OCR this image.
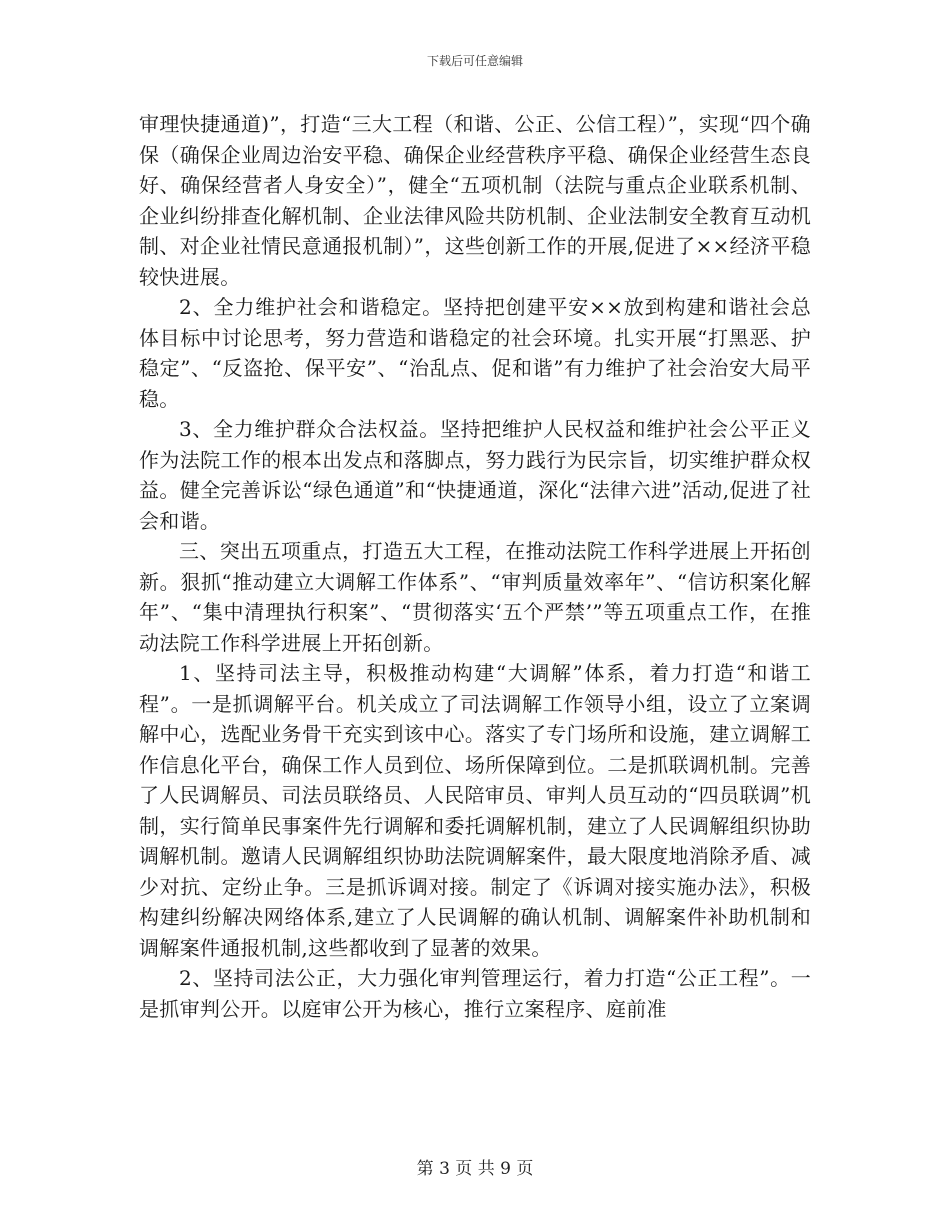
下载后可任意编辑

审理快捷通道)”，打造“三大工程（和谐、公正、公信工程）”，实现“四个确保（确保企业周边治安平稳、确保企业经营秩序平稳、确保企业经营生态良好、确保经营者人身安全）”，健全“五项机制（法院与重点企业联系机制、企业纠纷排查化解机制、企业法律风险共防机制、企业法制安全教育互动机制、对企业社情民意通报机制）”，这些创新工作的开展,促进了××经济平稳较快进展。

2、全力维护社会和谐稳定。坚持把创建平安××放到构建和谐社会总体目标中讨论思考，努力营造和谐稳定的社会环境。扎实开展“打黑恶、护稳定”、“反盗抢、保平安”、“治乱点、促和谐”有力维护了社会治安大局平稳。

3、全力维护群众合法权益。坚持把维护人民权益和维护社会公平正义作为法院工作的根本出发点和落脚点，努力践行为民宗旨，切实维护群众权益。健全完善诉讼“绿色通道”和“快捷通道，深化“法律六进”活动,促进了社会和谐。

三、突出五项重点，打造五大工程，在推动法院工作科学进展上开拓创新。狠抓“推动建立大调解工作体系”、“审判质量效率年”、“信访积案化解年”、“集中清理执行积案”、“贯彻落实‘五个严禁’”等五项重点工作，在推动法院工作科学进展上开拓创新。

1、坚持司法主导，积极推动构建“大调解”体系，着力打造“和谐工程”。一是抓调解平台。机关成立了司法调解工作领导小组，设立了立案调解中心，选配业务骨干充实到该中心。落实了专门场所和设施，建立调解工作信息化平台，确保工作人员到位、场所保障到位。二是抓联调机制。完善了人民调解员、司法员联络员、人民陪审员、审判人员互动的“四员联调”机制，实行简单民事案件先行调解和委托调解机制，建立了人民调解组织协助调解机制。邀请人民调解组织协助法院调解案件，最大限度地消除矛盾、减少对抗、定纷止争。三是抓诉调对接。制定了《诉调对接实施办法》，积极构建纠纷解决网络体系,建立了人民调解的确认机制、调解案件补助机制和调解案件通报机制,这些都收到了显著的效果。

2、坚持司法公正，大力强化审判管理运行，着力打造“公正工程”。一是抓审判公开。以庭审公开为核心，推行立案程序、庭前准

第 3 页 共 9 页
